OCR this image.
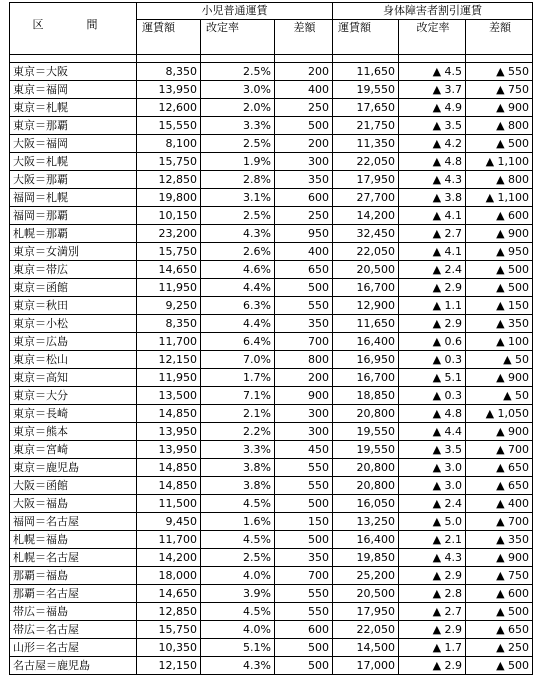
区　間	小児普通運賃			身体障害者割引運賃		
	運賃額	改定率	差額	運賃額	改定率	差額

東京＝大阪	8,350	2.5%	200	11,650	▲ 4.5	▲ 550
東京＝福岡	13,950	3.0%	400	19,550	▲ 3.7	▲ 750
東京＝札幌	12,600	2.0%	250	17,650	▲ 4.9	▲ 900
東京＝那覇	15,550	3.3%	500	21,750	▲ 3.5	▲ 800
大阪＝福岡	8,100	2.5%	200	11,350	▲ 4.2	▲ 500
大阪＝札幌	15,750	1.9%	300	22,050	▲ 4.8	▲ 1,100
大阪＝那覇	12,850	2.8%	350	17,950	▲ 4.3	▲ 800
福岡＝札幌	19,800	3.1%	600	27,700	▲ 3.8	▲ 1,100
福岡＝那覇	10,150	2.5%	250	14,200	▲ 4.1	▲ 600
札幌＝那覇	23,200	4.3%	950	32,450	▲ 2.7	▲ 900
東京＝女満別	15,750	2.6%	400	22,050	▲ 4.1	▲ 950
東京＝帯広	14,650	4.6%	650	20,500	▲ 2.4	▲ 500
東京＝函館	11,950	4.4%	500	16,700	▲ 2.9	▲ 500
東京＝秋田	9,250	6.3%	550	12,900	▲ 1.1	▲ 150
東京＝小松	8,350	4.4%	350	11,650	▲ 2.9	▲ 350
東京＝広島	11,700	6.4%	700	16,400	▲ 0.6	▲ 100
東京＝松山	12,150	7.0%	800	16,950	▲ 0.3	▲ 50
東京＝高知	11,950	1.7%	200	16,700	▲ 5.1	▲ 900
東京＝大分	13,500	7.1%	900	18,850	▲ 0.3	▲ 50
東京＝長崎	14,850	2.1%	300	20,800	▲ 4.8	▲ 1,050
東京＝熊本	13,950	2.2%	300	19,550	▲ 4.4	▲ 900
東京＝宮崎	13,950	3.3%	450	19,550	▲ 3.5	▲ 700
東京＝鹿児島	14,850	3.8%	550	20,800	▲ 3.0	▲ 650
大阪＝函館	14,850	3.8%	550	20,800	▲ 3.0	▲ 650
大阪＝福島	11,500	4.5%	500	16,050	▲ 2.4	▲ 400
福岡＝名古屋	9,450	1.6%	150	13,250	▲ 5.0	▲ 700
札幌＝福島	11,700	4.5%	500	16,400	▲ 2.1	▲ 350
札幌＝名古屋	14,200	2.5%	350	19,850	▲ 4.3	▲ 900
那覇＝福島	18,000	4.0%	700	25,200	▲ 2.9	▲ 750
那覇＝名古屋	14,650	3.9%	550	20,500	▲ 2.8	▲ 600
帯広＝福島	12,850	4.5%	550	17,950	▲ 2.7	▲ 500
帯広＝名古屋	15,750	4.0%	600	22,050	▲ 2.9	▲ 650
山形＝名古屋	10,350	5.1%	500	14,500	▲ 1.7	▲ 250
名古屋＝鹿児島	12,150	4.3%	500	17,000	▲ 2.9	▲ 500
